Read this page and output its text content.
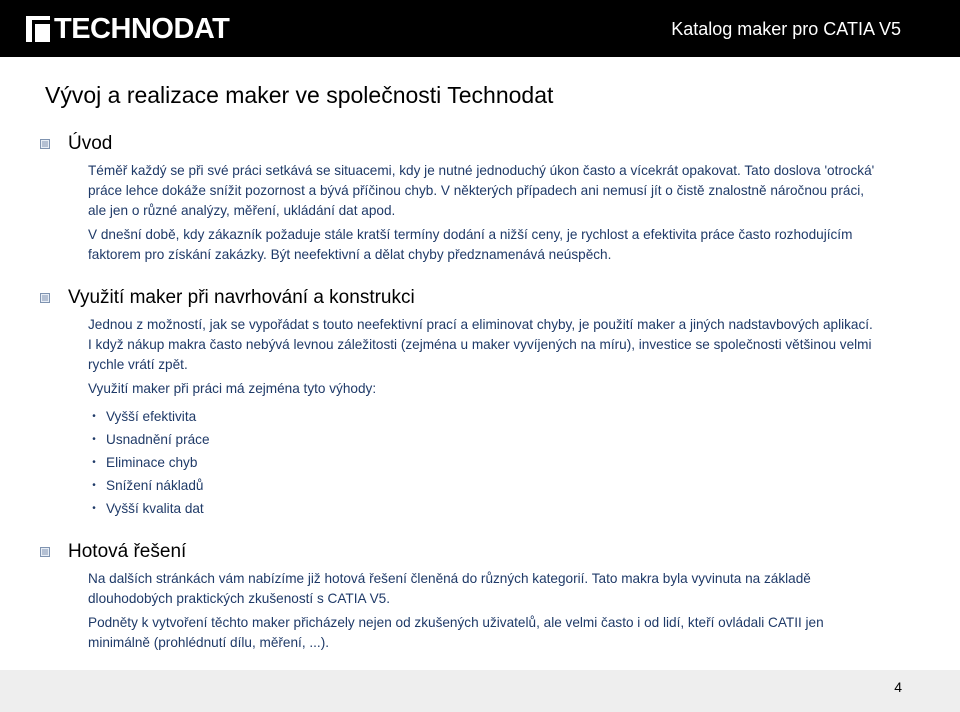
TECHNODAT	Katalog maker pro CATIA V5
Vývoj a realizace maker ve společnosti Technodat
Úvod

Téměř každý se při své práci setkává se situacemi, kdy je nutné jednoduchý úkon často a vícekrát opakovat. Tato doslova 'otrocká' práce lehce dokáže snížit pozornost a bývá příčinou chyb. V některých případech ani nemusí jít o čistě znalostně náročnou práci, ale jen o různé analýzy, měření, ukládání dat apod.

V dnešní době, kdy zákazník požaduje stále kratší termíny dodání a nižší ceny, je rychlost a efektivita práce často rozhodujícím faktorem pro získání zakázky. Být neefektivní a dělat chyby předznamenává neúspěch.

Využití maker při navrhování a konstrukci

Jednou z možností, jak se vypořádat s touto neefektivní prací a eliminovat chyby, je použití maker a jiných nadstavbových aplikací. I když nákup makra často nebývá levnou záležitosti (zejména u maker vyvíjených na míru), investice se společnosti většinou velmi rychle vrátí zpět.

Využití maker při práci má zejména tyto výhody:

• Vyšší efektivita
• Usnadnění práce
• Eliminace chyb
• Snížení nákladů
• Vyšší kvalita dat
Hotová řešení

Na dalších stránkách vám nabízíme již hotová řešení členěná do různých kategorií. Tato makra byla vyvinuta na základě dlouhodobých praktických zkušeností s CATIA V5.

Podněty k vytvoření těchto maker přicházely nejen od zkušených uživatelů, ale velmi často i od lidí, kteří ovládali CATII jen minimálně (prohlédnutí dílu, měření, ...).

4
